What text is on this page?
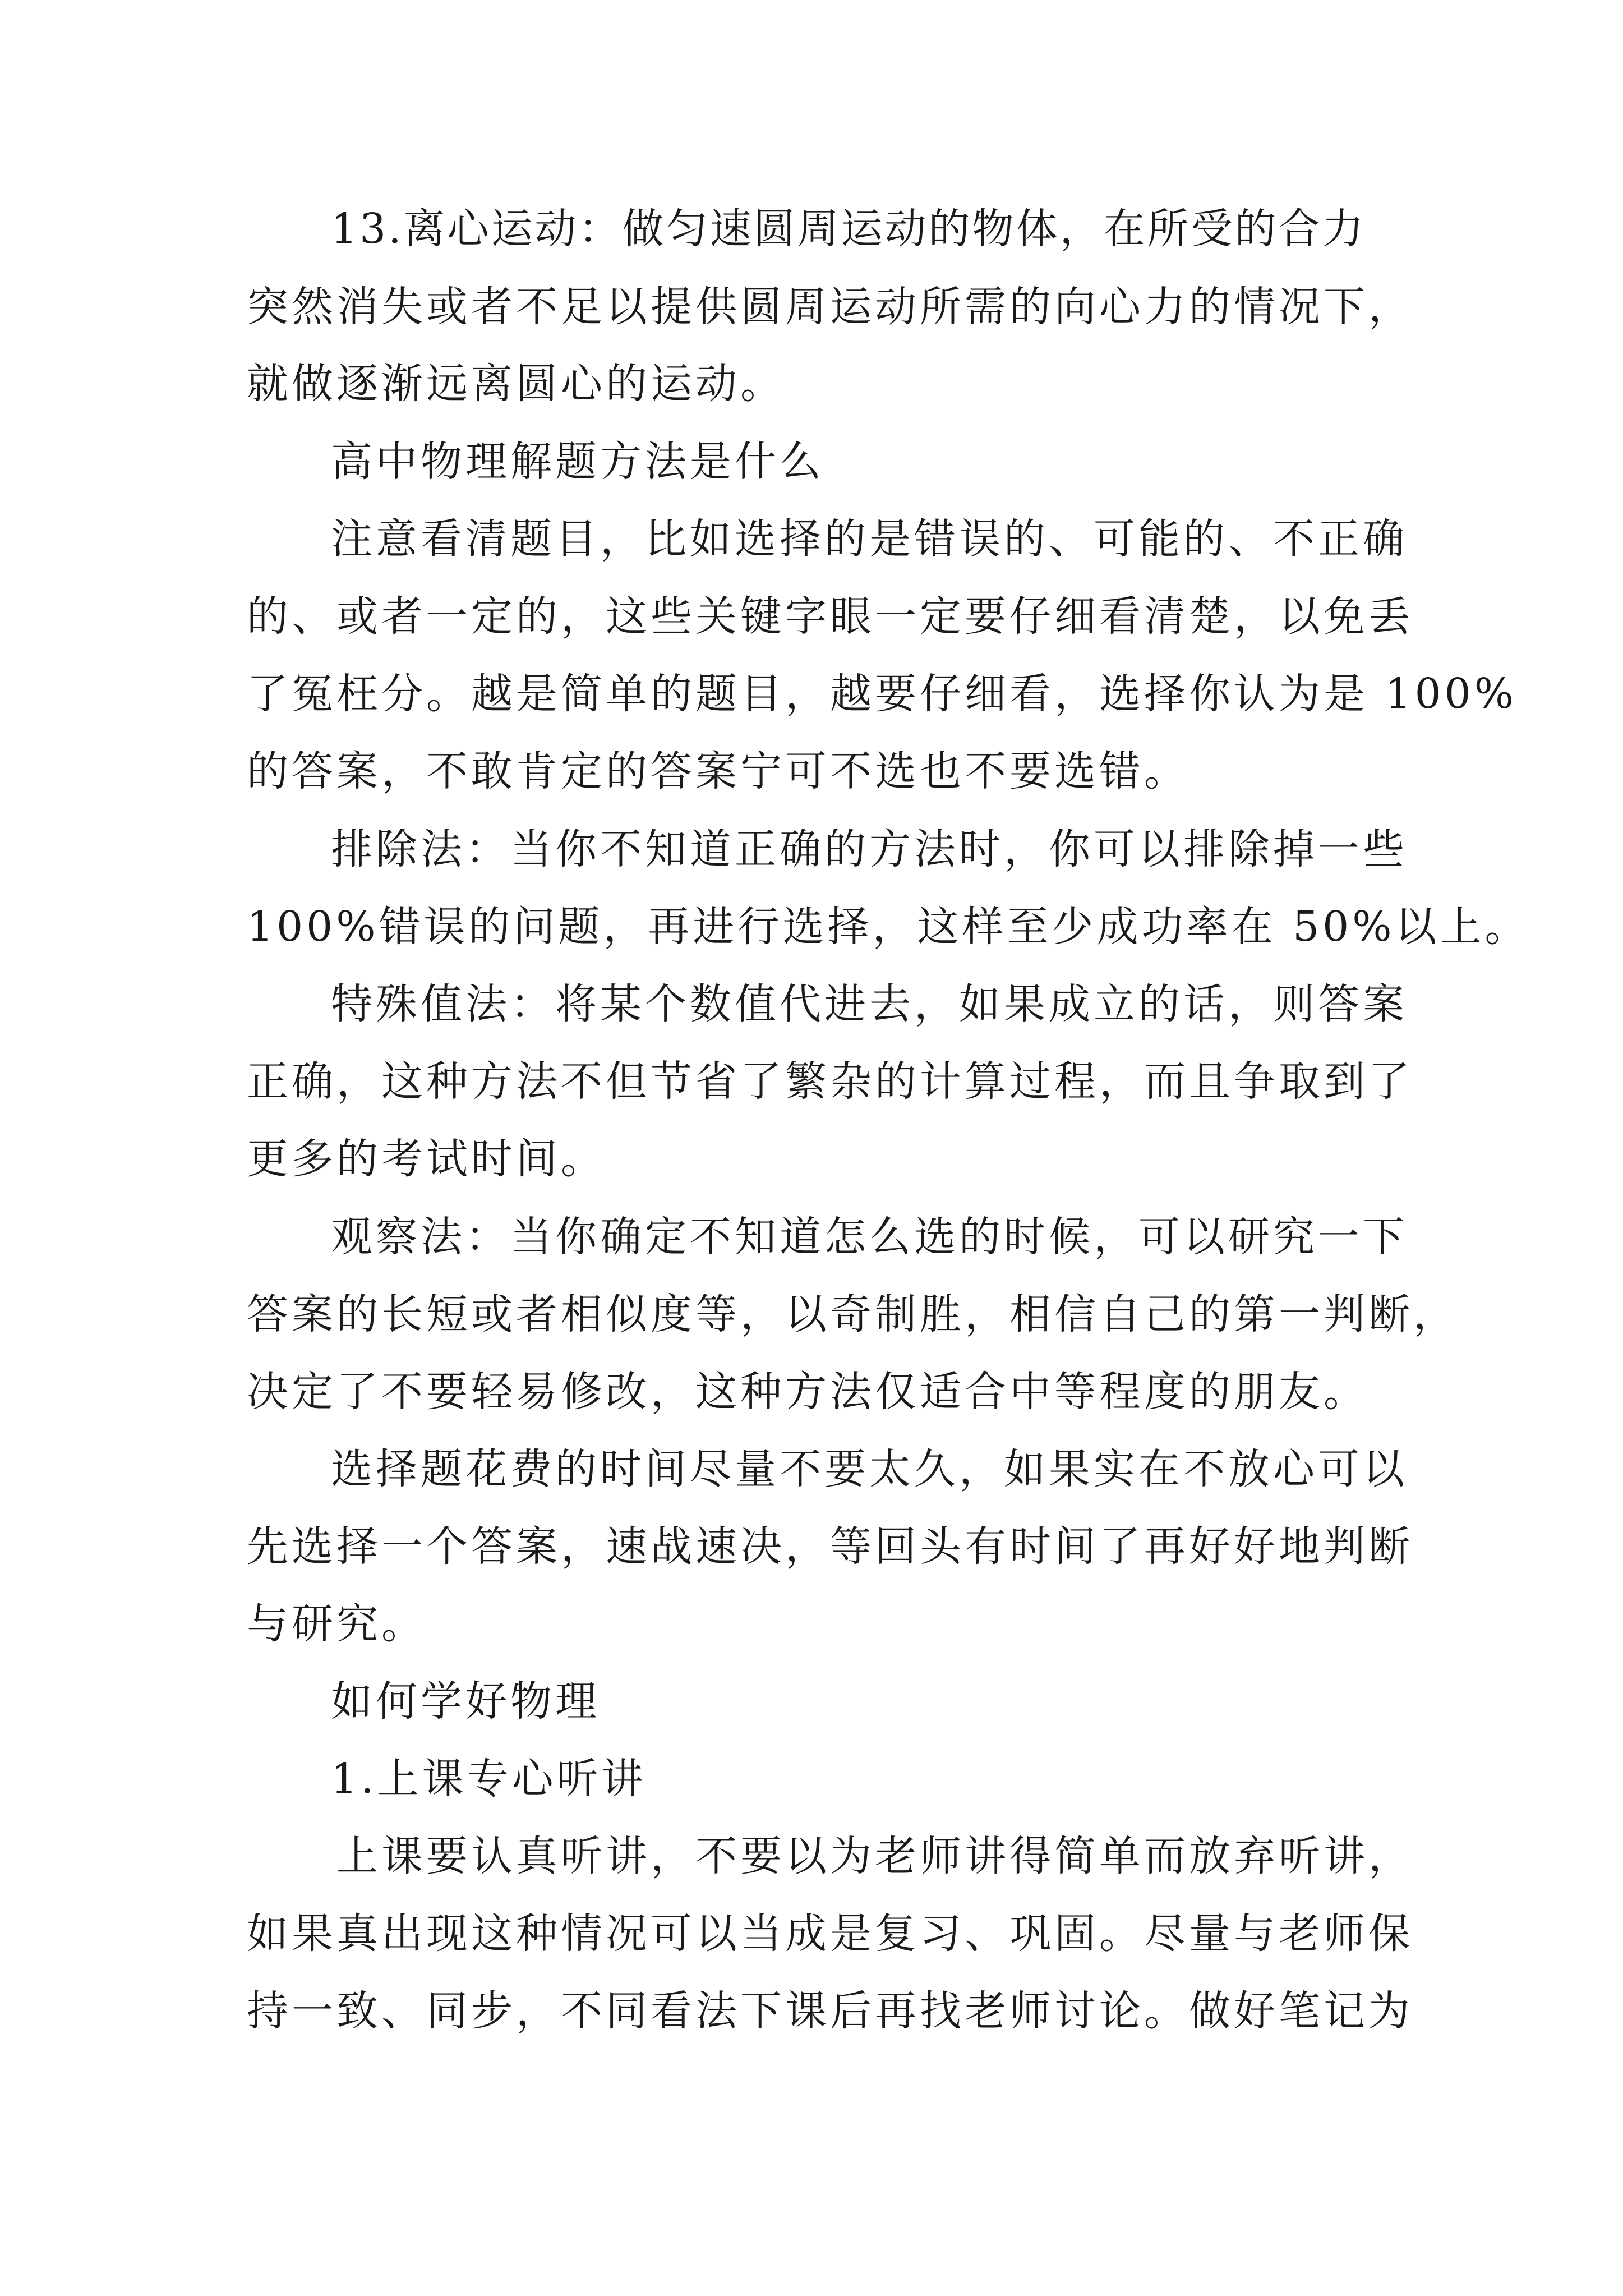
13.离心运动：做匀速圆周运动的物体，在所受的合力

突然消失或者不足以提供圆周运动所需的向心力的情况下，

就做逐渐远离圆心的运动。

高中物理解题方法是什么

注意看清题目，比如选择的是错误的、可能的、不正确

的、或者一定的，这些关键字眼一定要仔细看清楚，以免丢

了冤枉分。越是简单的题目，越要仔细看，选择你认为是 100%

的答案，不敢肯定的答案宁可不选也不要选错。

排除法：当你不知道正确的方法时，你可以排除掉一些

100%错误的问题，再进行选择，这样至少成功率在 50%以上。

特殊值法：将某个数值代进去，如果成立的话，则答案

正确，这种方法不但节省了繁杂的计算过程，而且争取到了

更多的考试时间。

观察法：当你确定不知道怎么选的时候，可以研究一下

答案的长短或者相似度等，以奇制胜，相信自己的第一判断，

决定了不要轻易修改，这种方法仅适合中等程度的朋友。

选择题花费的时间尽量不要太久，如果实在不放心可以

先选择一个答案，速战速决，等回头有时间了再好好地判断

与研究。

如何学好物理

1.上课专心听讲

上课要认真听讲，不要以为老师讲得简单而放弃听讲，

如果真出现这种情况可以当成是复习、巩固。尽量与老师保

持一致、同步，不同看法下课后再找老师讨论。做好笔记为
